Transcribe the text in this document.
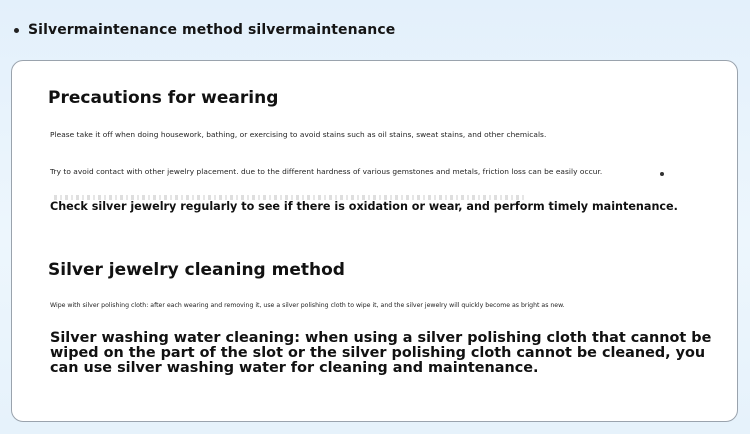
Silvermaintenance method silvermaintenance
Precautions for wearing
Please take it off when doing housework, bathing, or exercising to avoid stains such as oil stains, sweat stains, and other chemicals.
Try to avoid contact with other jewelry placement. due to the different hardness of various gemstones and metals, friction loss can be easily occur.
Check silver jewelry regularly to see if there is oxidation or wear, and perform timely maintenance.
Silver jewelry cleaning method
Wipe with silver polishing cloth: after each wearing and removing it, use a silver polishing cloth to wipe it, and the silver jewelry will quickly become as bright as new.
Silver washing water cleaning: when using a silver polishing cloth that cannot be wiped on the part of the slot or the silver polishing cloth cannot be cleaned, you can use silver washing water for cleaning and maintenance.
